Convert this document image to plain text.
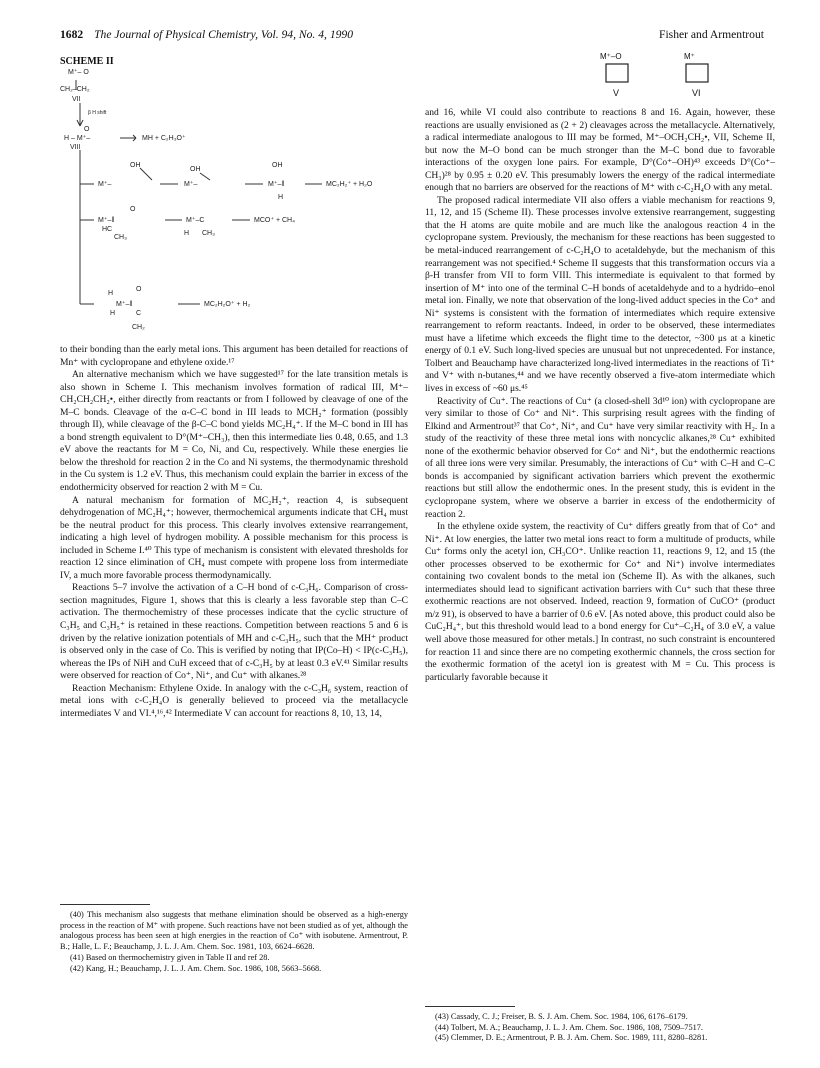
1682 The Journal of Physical Chemistry, Vol. 94, No. 4, 1990	Fisher and Armentrout
SCHEME II
M⁺– O
CH₂–CH₂
VII
β H shift
O
H – M⁺–	MH + C₂H₃O⁺
VIII
OH
OH
OH
M⁺–	M⁺–	M⁺–‖	MC₂H₂⁺ + H₂O
H
O
M⁺–‖	M⁺–C	MCO⁺ + CH₄
HC
CH₃
H CH₃
H
O
M⁺–‖
H	C
CH₂
MC₂H₂O⁺ + H₂
M⁺–O
V
M⁺
VI

to their bonding than the early metal ions. This argument has been detailed for reactions of Mn⁺ with cyclopropane and ethylene oxide.¹⁷

An alternative mechanism which we have suggested¹⁷ for the late transition metals is also shown in Scheme I. This mechanism involves formation of radical III, M⁺–CH₂CH₂CH₂•, either directly from reactants or from I followed by cleavage of one of the M–C bonds. Cleavage of the α-C–C bond in III leads to MCH₂⁺ formation (possibly through II), while cleavage of the β-C–C bond yields MC₂H₄⁺. If the M–C bond in III has a bond strength equivalent to D°(M⁺–CH₃), then this intermediate lies 0.48, 0.65, and 1.3 eV above the reactants for M = Co, Ni, and Cu, respectively. While these energies lie below the threshold for reaction 2 in the Co and Ni systems, the thermodynamic threshold in the Cu system is 1.2 eV. Thus, this mechanism could explain the barrier in excess of the endothermicity observed for reaction 2 with M = Cu.

A natural mechanism for formation of MC₂H₂⁺, reaction 4, is subsequent dehydrogenation of MC₂H₄⁺; however, thermochemical arguments indicate that CH₄ must be the neutral product for this process. This clearly involves extensive rearrangement, indicating a high level of hydrogen mobility. A possible mechanism for this process is included in Scheme I.⁴⁰ This type of mechanism is consistent with elevated thresholds for reaction 12 since elimination of CH₄ must compete with propene loss from intermediate IV, a much more favorable process thermodynamically.

Reactions 5–7 involve the activation of a C–H bond of c-C₃H₆. Comparison of cross-section magnitudes, Figure 1, shows that this is clearly a less favorable step than C–C activation. The thermochemistry of these processes indicate that the cyclic structure of C₃H₅ and C₃H₅⁺ is retained in these reactions. Competition between reactions 5 and 6 is driven by the relative ionization potentials of MH and c-C₃H₅, such that the MH⁺ product is observed only in the case of Co. This is verified by noting that IP(Co–H) < IP(c-C₃H₅), whereas the IPs of NiH and CuH exceed that of c-C₃H₅ by at least 0.3 eV.⁴¹ Similar results were observed for reaction of Co⁺, Ni⁺, and Cu⁺ with alkanes.²⁸

Reaction Mechanism: Ethylene Oxide. In analogy with the c-C₃H₆ system, reaction of metal ions with c-C₂H₄O is generally believed to proceed via the metallacycle intermediates V and VI.⁴,¹⁶,⁴² Intermediate V can account for reactions 8, 10, 13, 14,

and 16, while VI could also contribute to reactions 8 and 16. Again, however, these reactions are usually envisioned as (2 + 2) cleavages across the metallacycle. Alternatively, a radical intermediate analogous to III may be formed, M⁺–OCH₂CH₂•, VII, Scheme II, but now the M–O bond can be much stronger than the M–C bond due to favorable interactions of the oxygen lone pairs. For example, D°(Co⁺–OH)⁴³ exceeds D°(Co⁺–CH₃)²⁸ by 0.95 ± 0.20 eV. This presumably lowers the energy of the radical intermediate enough that no barriers are observed for the reactions of M⁺ with c-C₂H₄O with any metal.

The proposed radical intermediate VII also offers a viable mechanism for reactions 9, 11, 12, and 15 (Scheme II). These processes involve extensive rearrangement, suggesting that the H atoms are quite mobile and are much like the analogous reaction 4 in the cyclopropane system. Previously, the mechanism for these reactions has been suggested to be metal-induced rearrangement of c-C₂H₄O to acetaldehyde, but the mechanism of this rearrangement was not specified.⁴ Scheme II suggests that this transformation occurs via a β-H transfer from VII to form VIII. This intermediate is equivalent to that formed by insertion of M⁺ into one of the terminal C–H bonds of acetaldehyde and to a hydrido–enol metal ion. Finally, we note that observation of the long-lived adduct species in the Co⁺ and Ni⁺ systems is consistent with the formation of intermediates which require extensive rearrangement to reform reactants. Indeed, in order to be observed, these intermediates must have a lifetime which exceeds the flight time to the detector, ~300 μs at a kinetic energy of 0.1 eV. Such long-lived species are unusual but not unprecedented. For instance, Tolbert and Beauchamp have characterized long-lived intermediates in the reactions of Ti⁺ and V⁺ with n-butanes,⁴⁴ and we have recently observed a five-atom intermediate which lives in excess of ~60 μs.⁴⁵

Reactivity of Cu⁺. The reactions of Cu⁺ (a closed-shell 3d¹⁰ ion) with cyclopropane are very similar to those of Co⁺ and Ni⁺. This surprising result agrees with the finding of Elkind and Armentrout³⁷ that Co⁺, Ni⁺, and Cu⁺ have very similar reactivity with H₂. In a study of the reactivity of these three metal ions with noncyclic alkanes,²⁸ Cu⁺ exhibited none of the exothermic behavior observed for Co⁺ and Ni⁺, but the endothermic reactions of all three ions were very similar. Presumably, the interactions of Cu⁺ with C–H and C–C bonds is accompanied by significant activation barriers which prevent the exothermic reactions but still allow the endothermic ones. In the present study, this is evident in the cyclopropane system, where we observe a barrier in excess of the endothermicity of reaction 2.

In the ethylene oxide system, the reactivity of Cu⁺ differs greatly from that of Co⁺ and Ni⁺. At low energies, the latter two metal ions react to form a multitude of products, while Cu⁺ forms only the acetyl ion, CH₃CO⁺. Unlike reaction 11, reactions 9, 12, and 15 (the other processes observed to be exothermic for Co⁺ and Ni⁺) involve intermediates containing two covalent bonds to the metal ion (Scheme II). As with the alkanes, such intermediates should lead to significant activation barriers with Cu⁺ such that these three exothermic reactions are not observed. Indeed, reaction 9, formation of CuCO⁺ (product m/z 91), is observed to have a barrier of 0.6 eV. [As noted above, this product could also be CuC₂H₄⁺, but this threshold would lead to a bond energy for Cu⁺–C₂H₄ of 3.0 eV, a value well above those measured for other metals.] In contrast, no such constraint is encountered for reaction 11 and since there are no competing exothermic channels, the cross section for the exothermic formation of the acetyl ion is greatest with M = Cu. This process is particularly favorable because it

(40) This mechanism also suggests that methane elimination should be observed as a high-energy process in the reaction of M⁺ with propene. Such reactions have not been studied as of yet, although the analogous process has been seen at high energies in the reaction of Co⁺ with isobutene. Armentrout, P. B.; Halle, L. F.; Beauchamp, J. L. J. Am. Chem. Soc. 1981, 103, 6624–6628.

(41) Based on thermochemistry given in Table II and ref 28.

(42) Kang, H.; Beauchamp, J. L. J. Am. Chem. Soc. 1986, 108, 5663–5668.

(43) Cassady, C. J.; Freiser, B. S. J. Am. Chem. Soc. 1984, 106, 6176–6179.

(44) Tolbert, M. A.; Beauchamp, J. L. J. Am. Chem. Soc. 1986, 108, 7509–7517.

(45) Clemmer, D. E.; Armentrout, P. B. J. Am. Chem. Soc. 1989, 111, 8280–8281.
